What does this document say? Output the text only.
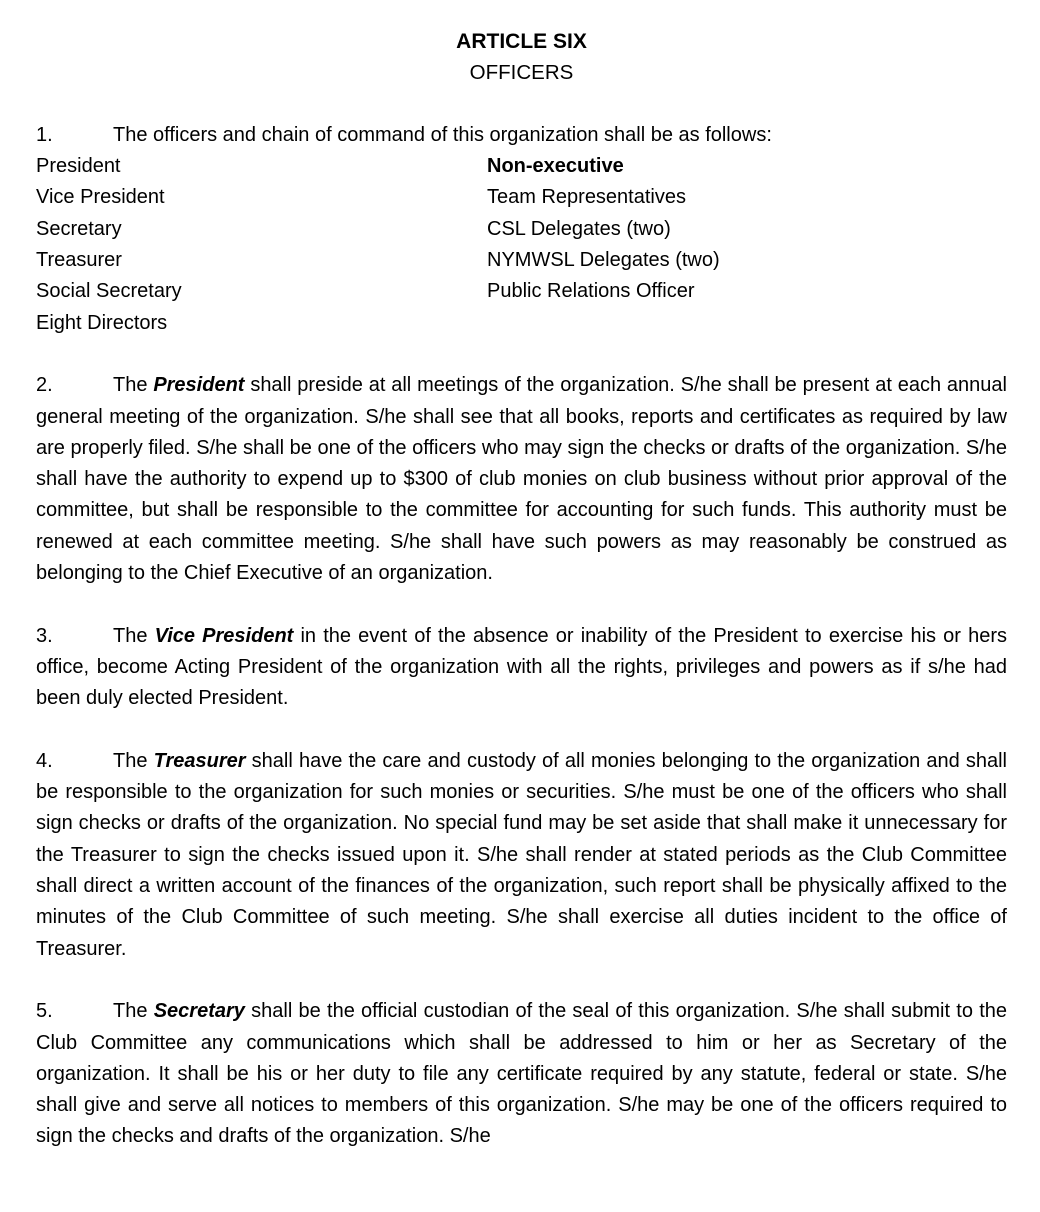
ARTICLE SIX
OFFICERS
1.	The officers and chain of command of this organization shall be as follows:
President
Vice President
Secretary
Treasurer
Social Secretary
Eight Directors
Non-executive
Team Representatives
CSL Delegates (two)
NYMWSL Delegates (two)
Public Relations Officer

2.	The President shall preside at all meetings of the organization. S/he shall be present at each annual general meeting of the organization. S/he shall see that all books, reports and certificates as required by law are properly filed. S/he shall be one of the officers who may sign the checks or drafts of the organization. S/he shall have the authority to expend up to $300 of club monies on club business without prior approval of the committee, but shall be responsible to the committee for accounting for such funds. This authority must be renewed at each committee meeting. S/he shall have such powers as may reasonably be construed as belonging to the Chief Executive of an organization.

3.	The Vice President in the event of the absence or inability of the President to exercise his or hers office, become Acting President of the organization with all the rights, privileges and powers as if s/he had been duly elected President.

4.	The Treasurer shall have the care and custody of all monies belonging to the organization and shall be responsible to the organization for such monies or securities. S/he must be one of the officers who shall sign checks or drafts of the organization. No special fund may be set aside that shall make it unnecessary for the Treasurer to sign the checks issued upon it. S/he shall render at stated periods as the Club Committee shall direct a written account of the finances of the organization, such report shall be physically affixed to the minutes of the Club Committee of such meeting. S/he shall exercise all duties incident to the office of Treasurer.

5.	The Secretary shall be the official custodian of the seal of this organization. S/he shall submit to the Club Committee any communications which shall be addressed to him or her as Secretary of the organization. It shall be his or her duty to file any certificate required by any statute, federal or state. S/he shall give and serve all notices to members of this organization. S/he may be one of the officers required to sign the checks and drafts of the organization. S/he
